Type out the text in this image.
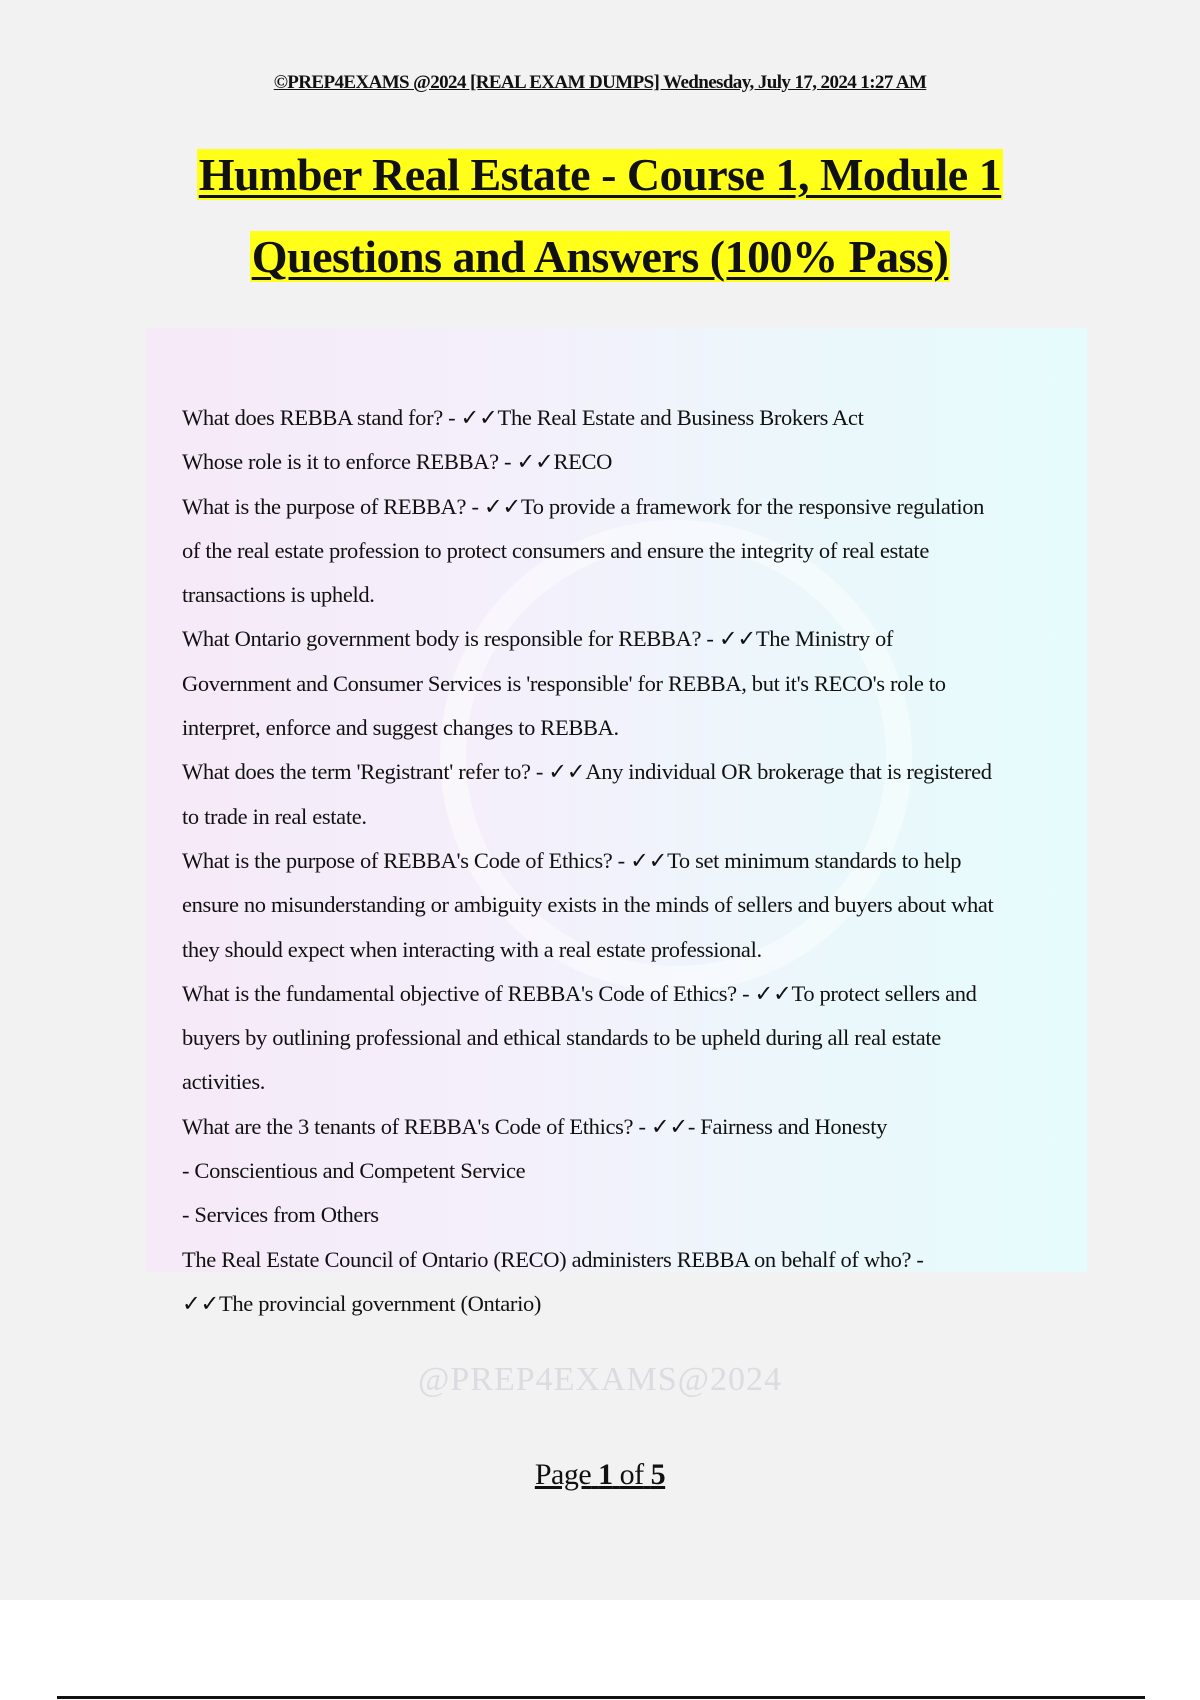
©PREP4EXAMS @2024 [REAL EXAM DUMPS] Wednesday, July 17, 2024 1:27 AM
Humber Real Estate - Course 1, Module 1
Questions and Answers (100% Pass)
What does REBBA stand for? - ✓✓The Real Estate and Business Brokers Act
Whose role is it to enforce REBBA? - ✓✓RECO
What is the purpose of REBBA? - ✓✓To provide a framework for the responsive regulation
of the real estate profession to protect consumers and ensure the integrity of real estate
transactions is upheld.
What Ontario government body is responsible for REBBA? - ✓✓The Ministry of
Government and Consumer Services is 'responsible' for REBBA, but it's RECO's role to
interpret, enforce and suggest changes to REBBA.
What does the term 'Registrant' refer to? - ✓✓Any individual OR brokerage that is registered
to trade in real estate.
What is the purpose of REBBA's Code of Ethics? - ✓✓To set minimum standards to help
ensure no misunderstanding or ambiguity exists in the minds of sellers and buyers about what
they should expect when interacting with a real estate professional.
What is the fundamental objective of REBBA's Code of Ethics? - ✓✓To protect sellers and
buyers by outlining professional and ethical standards to be upheld during all real estate
activities.
What are the 3 tenants of REBBA's Code of Ethics? - ✓✓- Fairness and Honesty
- Conscientious and Competent Service
- Services from Others
The Real Estate Council of Ontario (RECO) administers REBBA on behalf of who? -
✓✓The provincial government (Ontario)
@PREP4EXAMS@2024
Page 1 of 5
